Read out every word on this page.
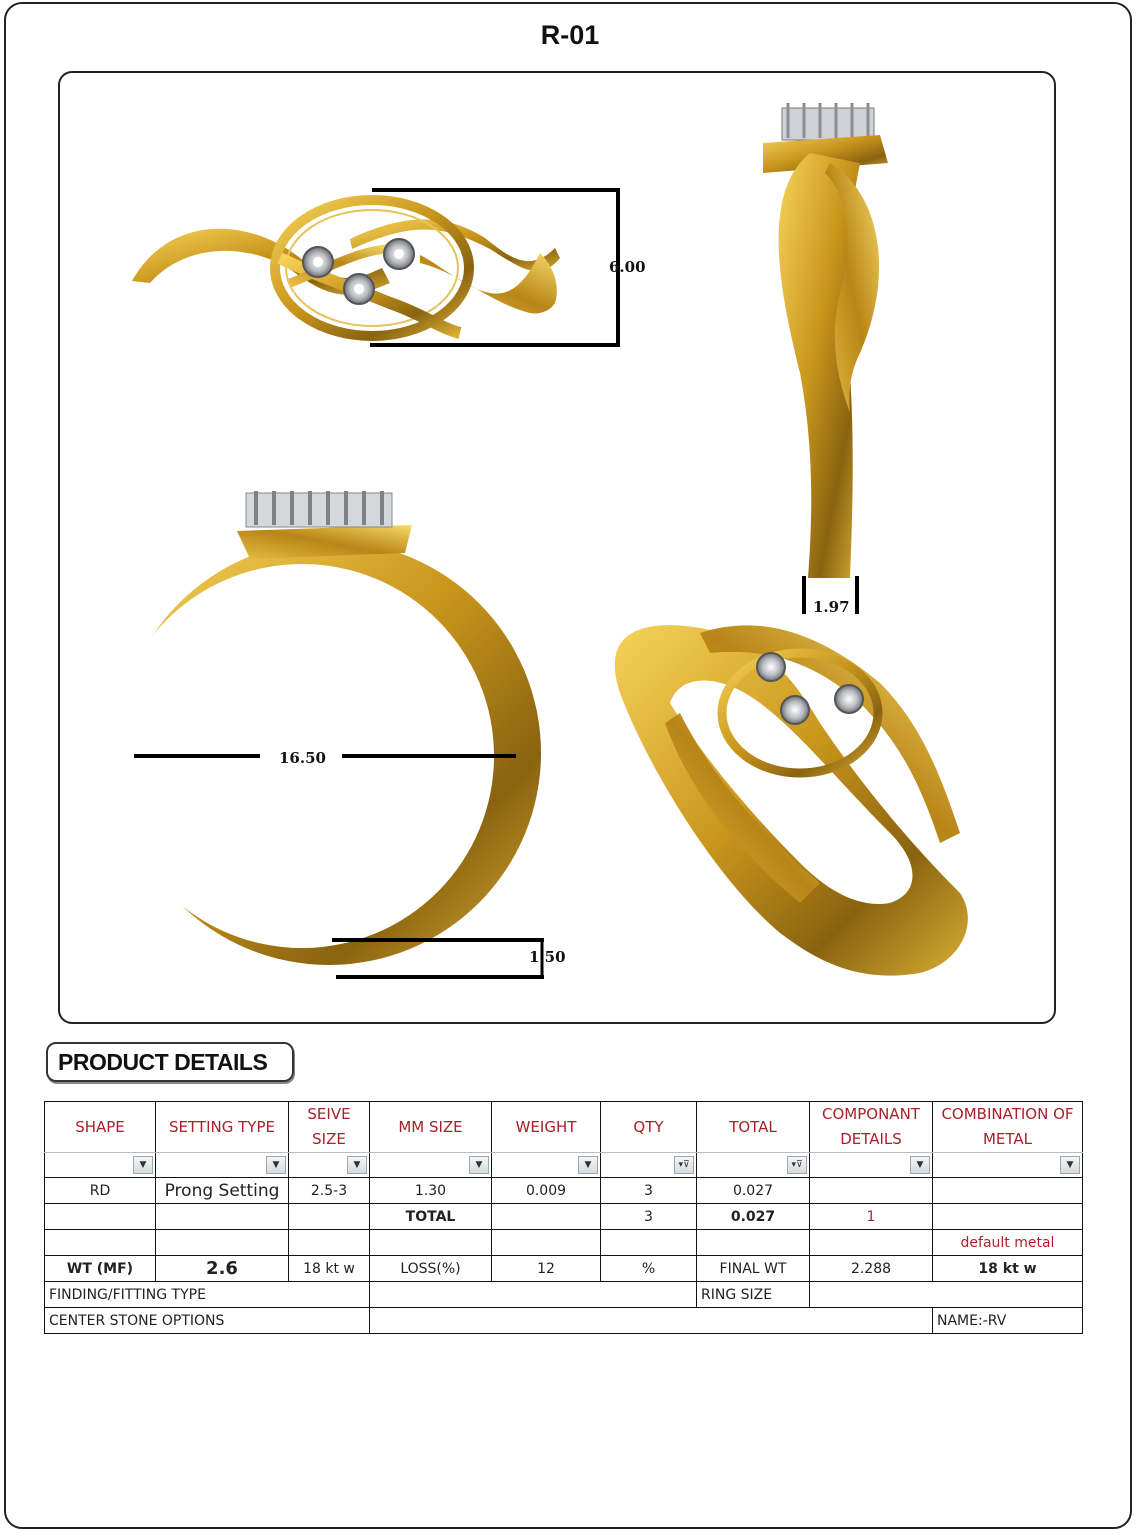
R-01
6.00
1.97
16.50
1.50
PRODUCT DETAILS
SHAPE	SETTING TYPE	SEIVE SIZE	MM SIZE	WEIGHT	QTY	TOTAL	COMPONANT DETAILS	COMBINATION OF METAL

▼	▼	▼	▼	▼	▾⊽	▾⊽	▼	▼

RD	Prong Setting	2.5-3	1.30	0.009	3	0.027		
			TOTAL		3	0.027	1	
								default metal
WT (MF)	2.6	18 kt w	LOSS(%)	12	%	FINAL WT	2.288	18 kt w
FINDING/FITTING TYPE						RING SIZE		
CENTER STONE OPTIONS								NAME:-RV
